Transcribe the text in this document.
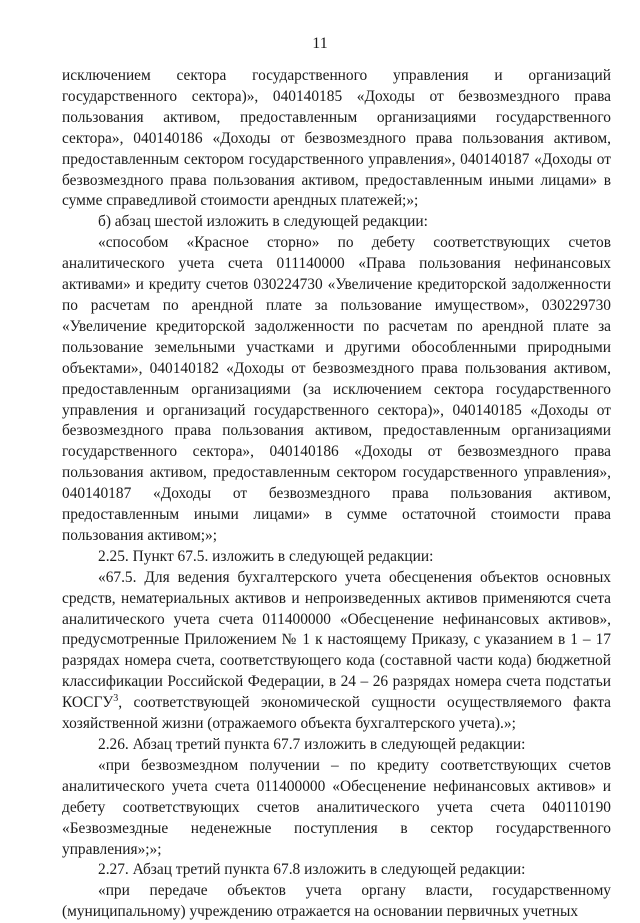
11

исключением сектора государственного управления и организаций государственного сектора)», 040140185 «Доходы от безвозмездного права пользования активом, предоставленным организациями государственного сектора», 040140186 «Доходы от безвозмездного права пользования активом, предоставленным сектором государственного управления», 040140187 «Доходы от безвозмездного права пользования активом, предоставленным иными лицами» в сумме справедливой стоимости арендных платежей;»;

б) абзац шестой изложить в следующей редакции:

«способом «Красное сторно» по дебету соответствующих счетов аналитического учета счета 011140000 «Права пользования нефинансовых активами» и кредиту счетов 030224730 «Увеличение кредиторской задолженности по расчетам по арендной плате за пользование имуществом», 030229730 «Увеличение кредиторской задолженности по расчетам по арендной плате за пользование земельными участками и другими обособленными природными объектами», 040140182 «Доходы от безвозмездного права пользования активом, предоставленным организациями (за исключением сектора государственного управления и организаций государственного сектора)», 040140185 «Доходы от безвозмездного права пользования активом, предоставленным организациями государственного сектора», 040140186 «Доходы от безвозмездного права пользования активом, предоставленным сектором государственного управления», 040140187 «Доходы от безвозмездного права пользования активом, предоставленным иными лицами» в сумме остаточной стоимости права пользования активом;»;

2.25. Пункт 67.5. изложить в следующей редакции:

«67.5. Для ведения бухгалтерского учета обесценения объектов основных средств, нематериальных активов и непроизведенных активов применяются счета аналитического учета счета 011400000 «Обесценение нефинансовых активов», предусмотренные Приложением № 1 к настоящему Приказу, с указанием в 1 – 17 разрядах номера счета, соответствующего кода (составной части кода) бюджетной классификации Российской Федерации, в 24 – 26 разрядах номера счета подстатьи КОСГУ$^3$, соответствующей экономической сущности осуществляемого факта хозяйственной жизни (отражаемого объекта бухгалтерского учета).»;

2.26. Абзац третий пункта 67.7 изложить в следующей редакции:

«при безвозмездном получении – по кредиту соответствующих счетов аналитического учета счета 011400000 «Обесценение нефинансовых активов» и дебету соответствующих счетов аналитического учета счета 040110190 «Безвозмездные неденежные поступления в сектор государственного управления»;»;

2.27. Абзац третий пункта 67.8 изложить в следующей редакции:

«при передаче объектов учета органу власти, государственному (муниципальному) учреждению отражается на основании первичных учетных
